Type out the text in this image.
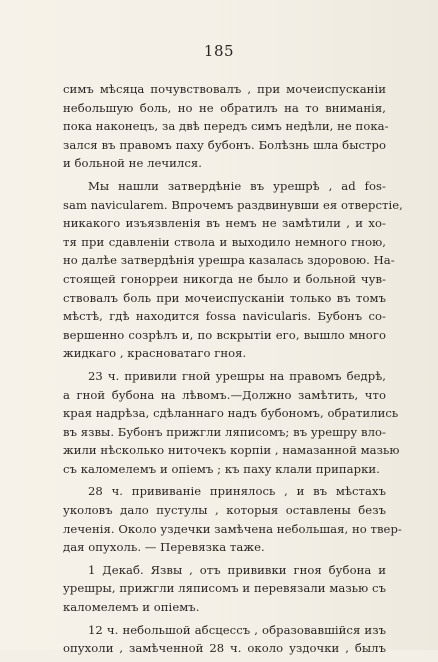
185

симъ мѣсяца почувствовалъ , при мочеиспусканіи
небольшую боль, но не обратилъ на то вниманія,
пока наконецъ, за двѣ передъ симъ недѣли, не пока-
зался въ правомъ паху бубонъ. Болѣзнь шла быстро
и больной не лечился.

Мы нашли затвердѣніе въ урешрѣ , ad fos-
sam navicularem. Впрочемъ раздвинувши ея отверстіе,
никакого изъязвленія въ немъ не замѣтили , и хо-
тя при сдавленіи ствола и выходило немного гною,
но далѣе затвердѣнія урешра казалась здоровою. На-
стоящей гонорреи никогда не было и больной чув-
ствовалъ боль при мочеиспусканіи только въ томъ
мѣстѣ, гдѣ находится fossa navicularis. Бубонъ со-
вершенно созрѣлъ и, по вскрытіи его, вышло много
жидкаго , красноватаго гноя.

23 ч. привили гной урешры на правомъ бедрѣ,
а гной бубона на лѣвомъ.—Должно замѣтить, что
края надрѣза, сдѣланнаго надъ бубономъ, обратились
въ язвы. Бубонъ прижгли ляписомъ; въ урешру вло-
жили нѣсколько ниточекъ корпіи , намазанной мазью
съ каломелемъ и опіемъ ; къ паху клали припарки.

28 ч. прививаніе принялось , и въ мѣстахъ
уколовъ дало пустулы , которыя оставлены безъ
леченія. Около уздечки замѣчена небольшая, но твер-
дая опухоль. — Перевязка таже.

1 Декаб. Язвы , отъ прививки гноя бубона и
урешры, прижгли ляписомъ и перевязали мазью съ
каломелемъ и опіемъ.

12 ч. небольшой абсцессъ , образовавшійся изъ
опухоли , замѣченной 28 ч. около уздочки , былъ
